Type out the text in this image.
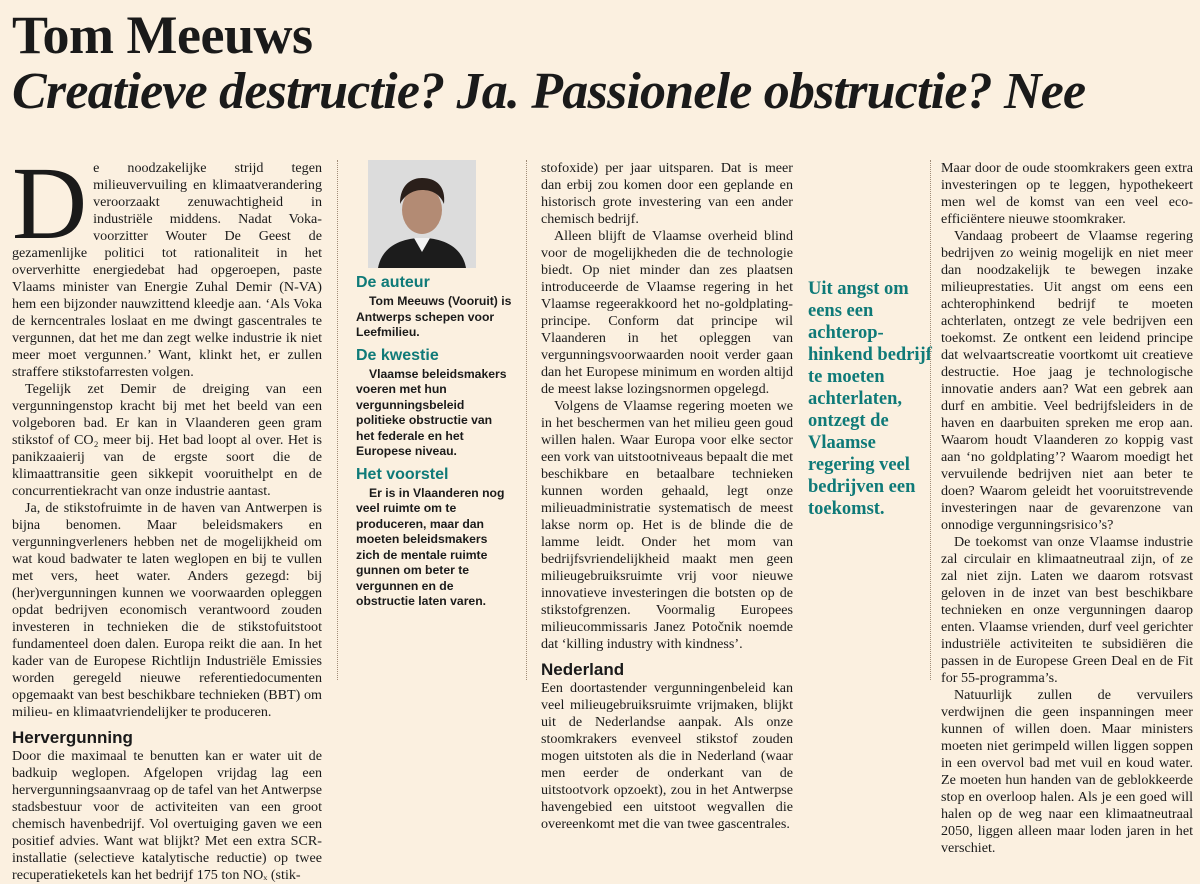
Tom Meeuws
Creatieve destructie? Ja. Passionele obstructie? Nee
D e noodzakelijke strijd tegen milieuvervuiling en klimaatverandering veroorzaakt zenuwachtigheid in industriële middens. Nadat Voka-voorzitter Wouter De Geest de gezamenlijke politici tot rationaliteit in het oververhitte energiedebat had opgeroepen, paste Vlaams minister van Energie Zuhal Demir (N-VA) hem een bijzonder nauwzittend kleedje aan. ‘Als Voka de kerncentrales loslaat en me dwingt gascentrales te vergunnen, dat het me dan zegt welke industrie ik niet meer moet vergunnen.’ Want, klinkt het, er zullen straffere stikstofarresten volgen.

Tegelijk zet Demir de dreiging van een vergunningenstop kracht bij met het beeld van een volgeboren bad. Er kan in Vlaanderen geen gram stikstof of CO₂ meer bij. Het bad loopt al over. Het is panikzaaierij van de ergste soort die de klimaattransitie geen sikkepit vooruithelpt en de concurrentiekracht van onze industrie aantast.

Ja, de stikstofruimte in de haven van Antwerpen is bijna benomen. Maar beleidsmakers en vergunningverleners hebben net de mogelijkheid om wat koud badwater te laten weglopen en bij te vullen met vers, heet water. Anders gezegd: bij (her)vergunningen kunnen we voorwaarden opleggen opdat bedrijven economisch verantwoord zouden investeren in technieken die de stikstofuitstoot fundamenteel doen dalen. Europa reikt die aan. In het kader van de Europese Richtlijn Industriële Emissies worden geregeld nieuwe referentiedocumenten opgemaakt van best beschikbare technieken (BBT) om milieu- en klimaatvriendelijker te produceren.

Hervergunning

Door die maximaal te benutten kan er water uit de badkuip weglopen. Afgelopen vrijdag lag een hervergunningsaanvraag op de tafel van het Antwerpse stadsbestuur voor de activiteiten van een groot chemisch havenbedrijf. Vol overtuiging gaven we een positief advies. Want wat blijkt? Met een extra SCR-installatie (selectieve katalytische reductie) op twee recuperatieketels kan het bedrijf 175 ton NOₓ (stik-

De auteur

Tom Meeuws (Vooruit) is Antwerps schepen voor Leefmilieu.

De kwestie

Vlaamse beleidsmakers voeren met hun vergunningsbeleid politieke obstructie van het federale en het Europese niveau.

Het voorstel

Er is in Vlaanderen nog veel ruimte om te produceren, maar dan moeten beleidsmakers zich de mentale ruimte gunnen om beter te vergunnen en de obstructie laten varen.

stofoxide) per jaar uitsparen. Dat is meer dan erbij zou komen door een geplande en historisch grote investering van een ander chemisch bedrijf.

Alleen blijft de Vlaamse overheid blind voor de mogelijkheden die de technologie biedt. Op niet minder dan zes plaatsen introduceerde de Vlaamse regering in het Vlaamse regeerakkoord het no-goldplating-principe. Conform dat principe wil Vlaanderen in het opleggen van vergunningsvoorwaarden nooit verder gaan dan het Europese minimum en worden altijd de meest lakse lozingsnormen opgelegd.

Volgens de Vlaamse regering moeten we in het beschermen van het milieu geen goud willen halen. Waar Europa voor elke sector een vork van uitstootniveaus bepaalt die met beschikbare en betaalbare technieken kunnen worden gehaald, legt onze milieuadministratie systematisch de meest lakse norm op. Het is de blinde die de lamme leidt. Onder het mom van bedrijfsvriendelijkheid maakt men geen milieugebruiksruimte vrij voor nieuwe innovatieve investeringen die botsten op de stikstofgrenzen. Voormalig Europees milieucommissaris Janez Potočnik noemde dat ‘killing industry with kindness’.

Nederland

Een doortastender vergunningenbeleid kan veel milieugebruiksruimte vrijmaken, blijkt uit de Nederlandse aanpak. Als onze stoomkrakers evenveel stikstof zouden mogen uitstoten als die in Nederland (waar men eerder de onderkant van de uitstootvork opzoekt), zou in het Antwerpse havengebied een uitstoot wegvallen die overeenkomt met die van twee gascentrales.

Uit angst om eens een achterop-hinkend bedrijf te moeten achterlaten, ontzegt de Vlaamse regering veel bedrijven een toekomst.

Maar door de oude stoomkrakers geen extra investeringen op te leggen, hypothekeert men wel de komst van een veel eco-efficiëntere nieuwe stoomkraker.

Vandaag probeert de Vlaamse regering bedrijven zo weinig mogelijk en niet meer dan noodzakelijk te bewegen inzake milieuprestaties. Uit angst om eens een achterophinkend bedrijf te moeten achterlaten, ontzegt ze vele bedrijven een toekomst. Ze ontkent een leidend principe dat welvaartscreatie voortkomt uit creatieve destructie. Hoe jaag je technologische innovatie anders aan? Wat een gebrek aan durf en ambitie. Veel bedrijfsleiders in de haven en daarbuiten spreken me erop aan. Waarom houdt Vlaanderen zo koppig vast aan ‘no goldplating’? Waarom moedigt het vervuilende bedrijven niet aan beter te doen? Waarom geleidt het vooruitstrevende investeringen naar de gevarenzone van onnodige vergunningsrisico’s?

De toekomst van onze Vlaamse industrie zal circulair en klimaatneutraal zijn, of ze zal niet zijn. Laten we daarom rotsvast geloven in de inzet van best beschikbare technieken en onze vergunningen daarop enten. Vlaamse vrienden, durf veel gerichter industriële activiteiten te subsidiëren die passen in de Europese Green Deal en de Fit for 55-programma’s.

Natuurlijk zullen de vervuilers verdwijnen die geen inspanningen meer kunnen of willen doen. Maar ministers moeten niet gerimpeld willen liggen soppen in een overvol bad met vuil en koud water. Ze moeten hun handen van de geblokkeerde stop en overloop halen. Als je een goed will halen op de weg naar een klimaatneutraal 2050, liggen alleen maar loden jaren in het verschiet.
